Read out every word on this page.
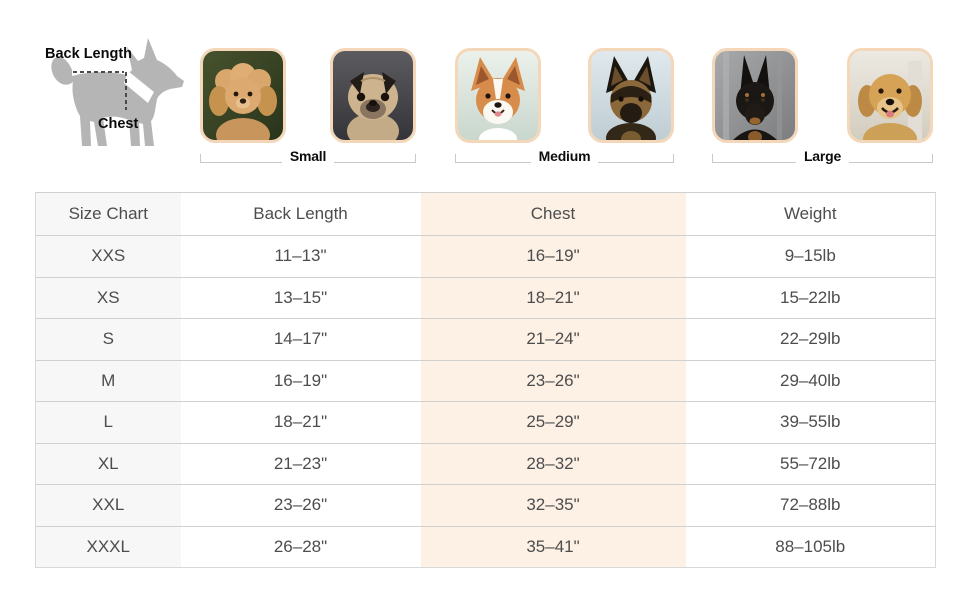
Back Length
Chest
Small	Medium	Large
Size Chart	Back Length	Chest	Weight
XXS	11–13"	16–19"	9–15lb
XS	13–15"	18–21"	15–22lb
S	14–17"	21–24"	22–29lb
M	16–19"	23–26"	29–40lb
L	18–21"	25–29"	39–55lb
XL	21–23"	28–32"	55–72lb
XXL	23–26"	32–35"	72–88lb
XXXL	26–28"	35–41"	88–105lb
